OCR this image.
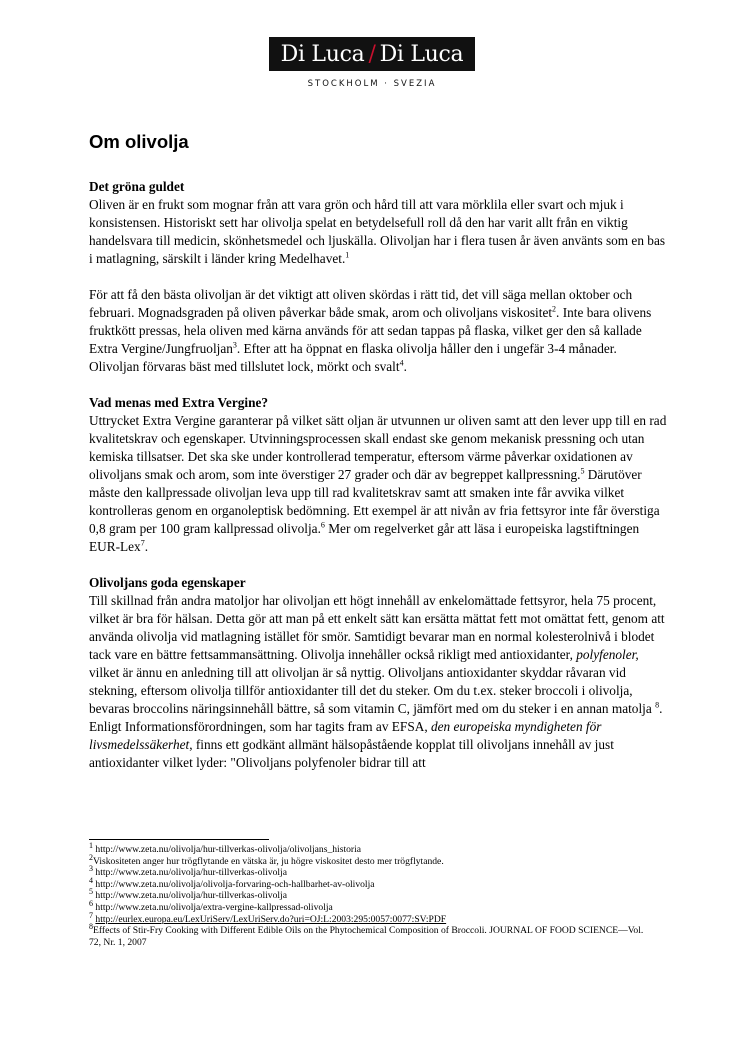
Di Luca / Di Luca
STOCKHOLM · SVEZIA
Om olivolja
Det gröna guldet

Oliven är en frukt som mognar från att vara grön och hård till att vara mörklila eller svart och mjuk i konsistensen. Historiskt sett har olivolja spelat en betydelsefull roll då den har varit allt från en viktig handelsvara till medicin, skönhetsmedel och ljuskälla. Olivoljan har i flera tusen år även använts som en bas i matlagning, särskilt i länder kring Medelhavet.$^1$

För att få den bästa olivoljan är det viktigt att oliven skördas i rätt tid, det vill säga mellan oktober och februari. Mognadsgraden på oliven påverkar både smak, arom och olivoljans viskositet$^2$. Inte bara olivens fruktkött pressas, hela oliven med kärna används för att sedan tappas på flaska, vilket ger den så kallade Extra Vergine/Jungfruoljan$^3$. Efter att ha öppnat en flaska olivolja håller den i ungefär 3-4 månader. Olivoljan förvaras bäst med tillslutet lock, mörkt och svalt$^4$.

Vad menas med Extra Vergine?

Uttrycket Extra Vergine garanterar på vilket sätt oljan är utvunnen ur oliven samt att den lever upp till en rad kvalitetskrav och egenskaper. Utvinningsprocessen skall endast ske genom mekanisk pressning och utan kemiska tillsatser. Det ska ske under kontrollerad temperatur, eftersom värme påverkar oxidationen av olivoljans smak och arom, som inte överstiger 27 grader och där av begreppet kallpressning.$^5$ Därutöver måste den kallpressade olivoljan leva upp till rad kvalitetskrav samt att smaken inte får avvika vilket kontrolleras genom en organoleptisk bedömning. Ett exempel är att nivån av fria fettsyror inte får överstiga 0,8 gram per 100 gram kallpressad olivolja.$^6$ Mer om regelverket går att läsa i europeiska lagstiftningen EUR-Lex$^7$.

Olivoljans goda egenskaper

Till skillnad från andra matoljor har olivoljan ett högt innehåll av enkelomättade fettsyror, hela 75 procent, vilket är bra för hälsan. Detta gör att man på ett enkelt sätt kan ersätta mättat fett mot omättat fett, genom att använda olivolja vid matlagning istället för smör. Samtidigt bevarar man en normal kolesterolnivå i blodet tack vare en bättre fettsammansättning. Olivolja innehåller också rikligt med antioxidanter, polyfenoler, vilket är ännu en anledning till att olivoljan är så nyttig. Olivoljans antioxidanter skyddar råvaran vid stekning, eftersom olivolja tillför antioxidanter till det du steker. Om du t.ex. steker broccoli i olivolja, bevaras broccolins näringsinnehåll bättre, så som vitamin C, jämfört med om du steker i en annan matolja $^8$. Enligt Informationsförordningen, som har tagits fram av EFSA, den europeiska myndigheten för livsmedelssäkerhet, finns ett godkänt allmänt hälsopåstående kopplat till olivoljans innehåll av just antioxidanter vilket lyder: "Olivoljans polyfenoler bidrar till att

$^1$ http://www.zeta.nu/olivolja/hur-tillverkas-olivolja/olivoljans_historia
$^2$Viskositeten anger hur trögflytande en vätska är, ju högre viskositet desto mer trögflytande.
$^3$ http://www.zeta.nu/olivolja/hur-tillverkas-olivolja
$^4$ http://www.zeta.nu/olivolja/olivolja-forvaring-och-hallbarhet-av-olivolja
$^5$ http://www.zeta.nu/olivolja/hur-tillverkas-olivolja
$^6$ http://www.zeta.nu/olivolja/extra-vergine-kallpressad-olivolja
$^7$ http://eurlex.europa.eu/LexUriServ/LexUriServ.do?uri=OJ:L:2003:295:0057:0077:SV:PDF
$^8$Effects of Stir-Fry Cooking with Different Edible Oils on the Phytochemical Composition of Broccoli. JOURNAL OF FOOD SCIENCE—Vol. 72, Nr. 1, 2007
